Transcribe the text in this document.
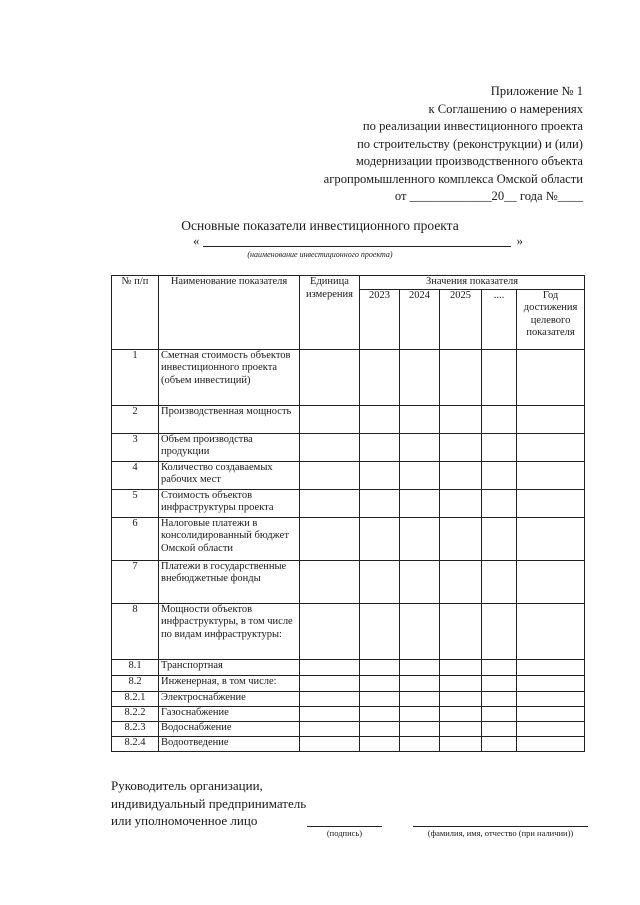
Приложение № 1
к Соглашению о намерениях
по реализации инвестиционного проекта
по строительству (реконструкции) и (или)
модернизации производственного объекта
агропромышленного комплекса Омской области
от _____________20__ года №____
Основные показатели инвестиционного проекта
«	»
(наименование инвестиционного проекта)
№ п/п	Наименование показателя	Единица измерения	Значения показателя				
			2023	2024	2025	....	Год достижения целевого показателя
1	Сметная стоимость объектов инвестиционного проекта (объем инвестиций)						
2	Производственная мощность						
3	Объем производства продукции						
4	Количество создаваемых рабочих мест						
5	Стоимость объектов инфраструктуры проекта						
6	Налоговые платежи в консолидированный бюджет Омской области						
7	Платежи в государственные внебюджетные фонды						
8	Мощности объектов инфраструктуры, в том числе по видам инфраструктуры:						
8.1	Транспортная						
8.2	Инженерная, в том числе:						
8.2.1	Электроснабжение						
8.2.2	Газоснабжение						
8.2.3	Водоснабжение						
8.2.4	Водоотведение						
Руководитель организации,
индивидуальный предприниматель
или уполномоченное лицо
(подпись)	(фамилия, имя, отчество (при наличии))
